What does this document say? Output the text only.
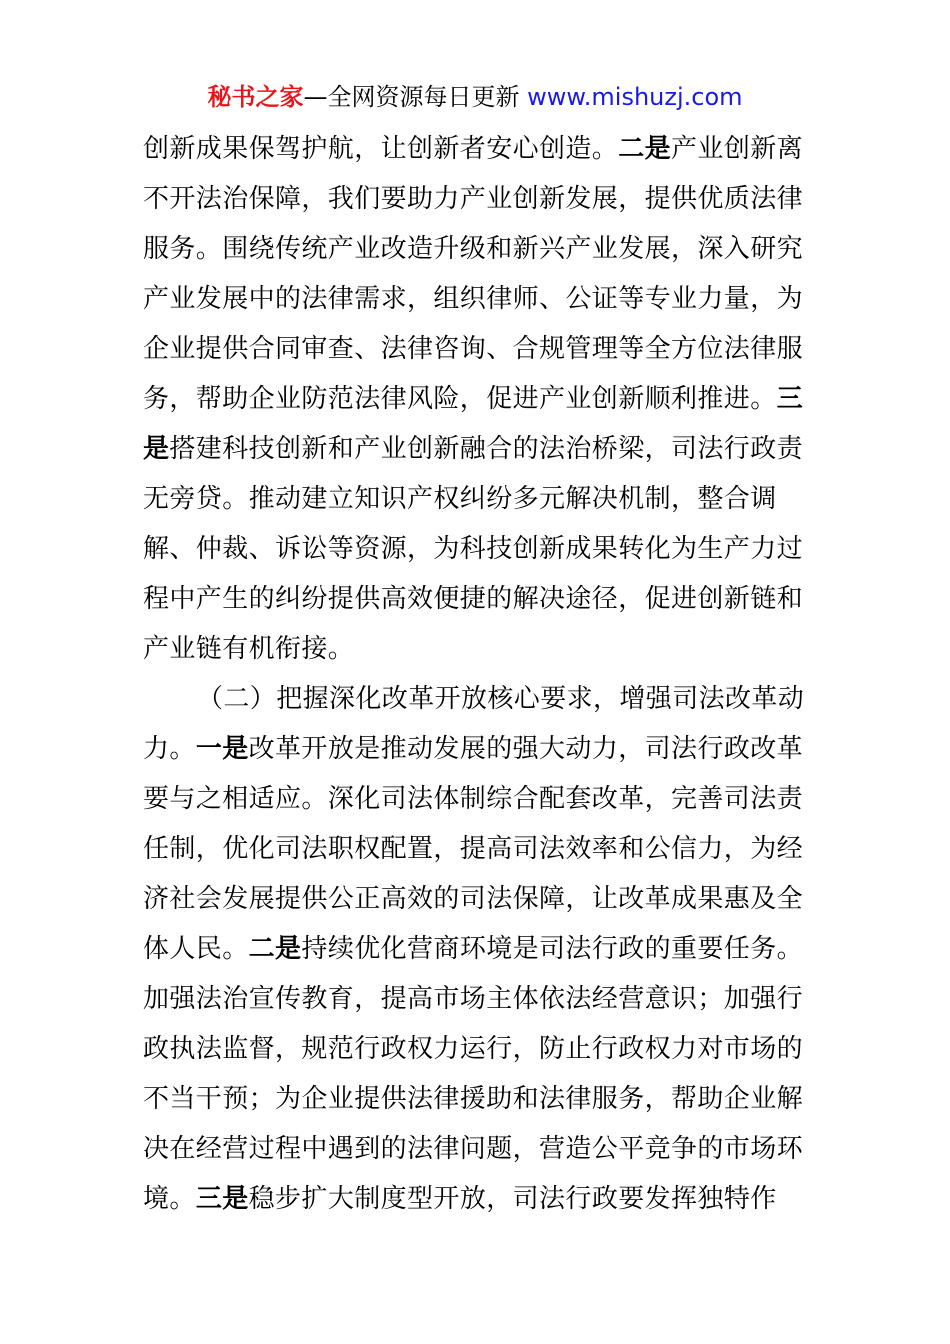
秘书之家—全网资源每日更新 www.mishuzj.com
创新成果保驾护航，让创新者安心创造。二是产业创新离
不开法治保障，我们要助力产业创新发展，提供优质法律
服务。围绕传统产业改造升级和新兴产业发展，深入研究
产业发展中的法律需求，组织律师、公证等专业力量，为
企业提供合同审查、法律咨询、合规管理等全方位法律服
务，帮助企业防范法律风险，促进产业创新顺利推进。三
是搭建科技创新和产业创新融合的法治桥梁，司法行政责
无旁贷。推动建立知识产权纠纷多元解决机制，整合调
解、仲裁、诉讼等资源，为科技创新成果转化为生产力过
程中产生的纠纷提供高效便捷的解决途径，促进创新链和
产业链有机衔接。
（二）把握深化改革开放核心要求，增强司法改革动
力。一是改革开放是推动发展的强大动力，司法行政改革
要与之相适应。深化司法体制综合配套改革，完善司法责
任制，优化司法职权配置，提高司法效率和公信力，为经
济社会发展提供公正高效的司法保障，让改革成果惠及全
体人民。二是持续优化营商环境是司法行政的重要任务。
加强法治宣传教育，提高市场主体依法经营意识；加强行
政执法监督，规范行政权力运行，防止行政权力对市场的
不当干预；为企业提供法律援助和法律服务，帮助企业解
决在经营过程中遇到的法律问题，营造公平竞争的市场环
境。三是稳步扩大制度型开放，司法行政要发挥独特作
